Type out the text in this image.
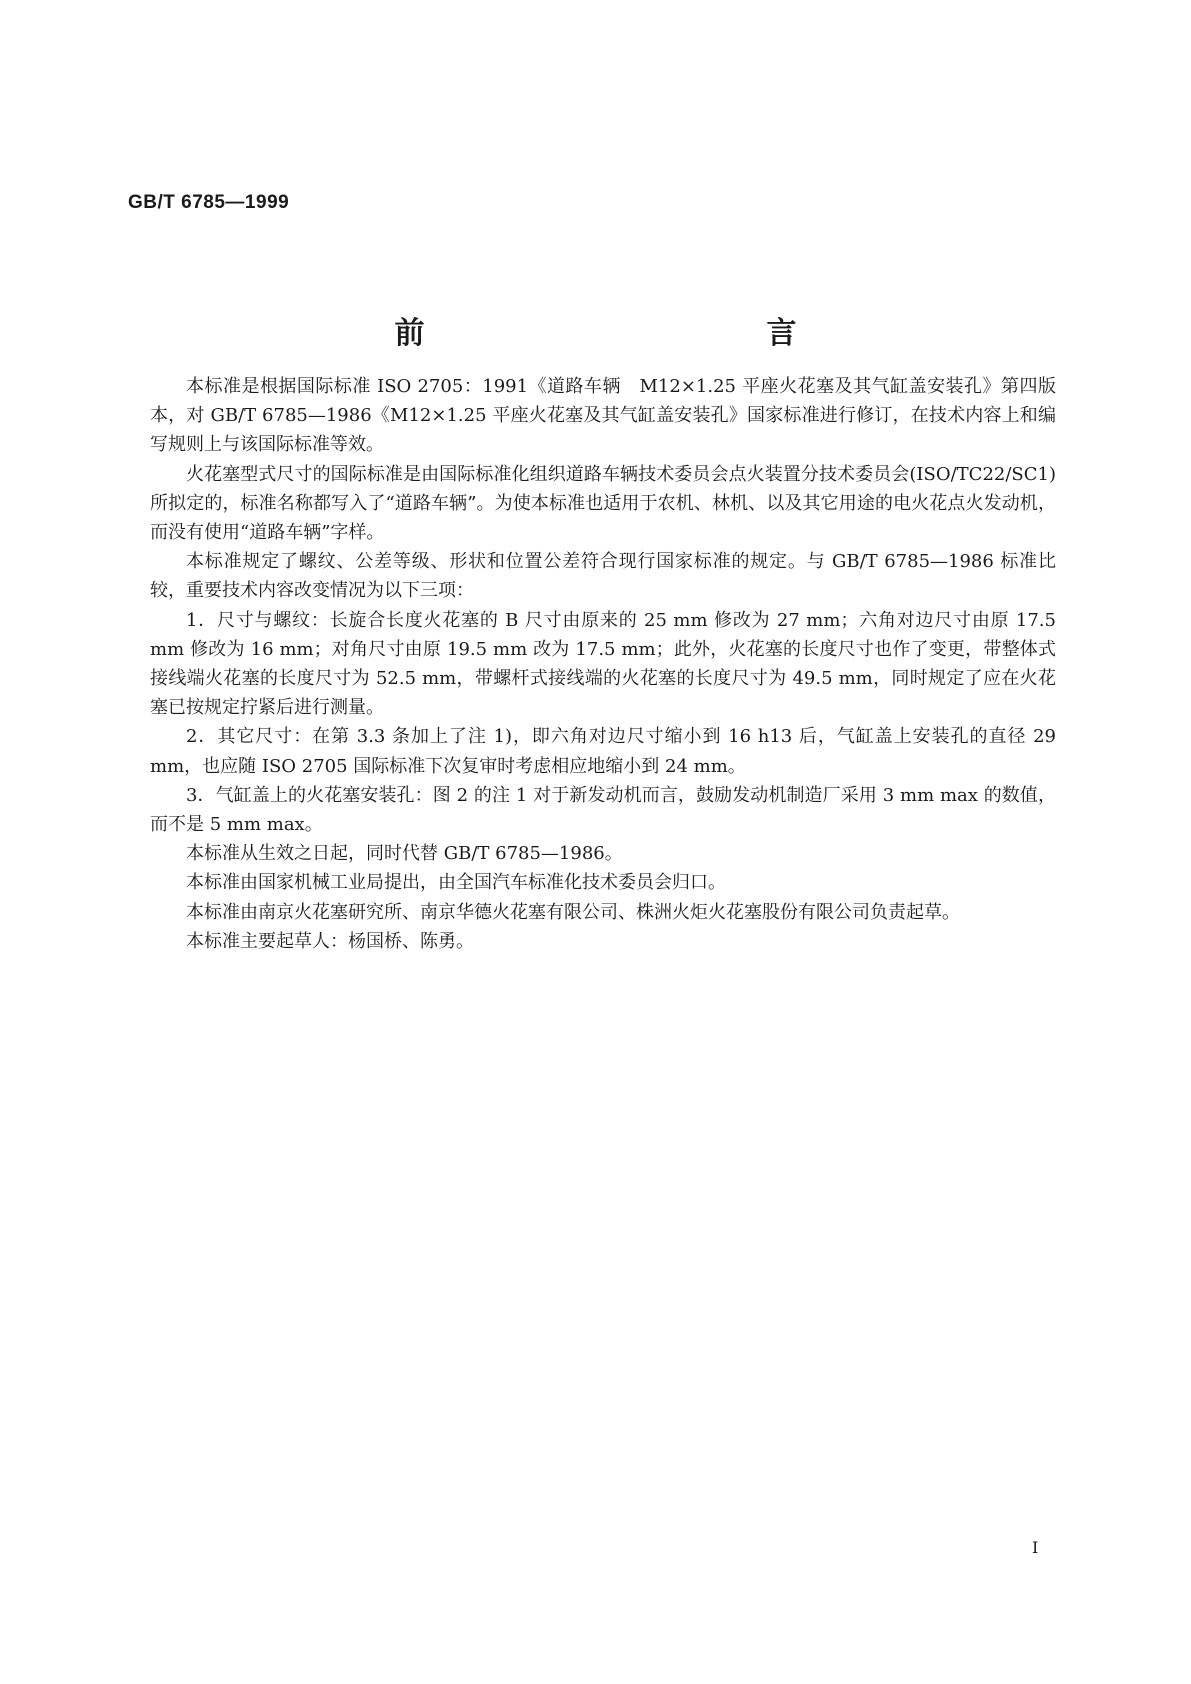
GB/T 6785—1999
前　　言

本标准是根据国际标准 ISO 2705：1991《道路车辆　M12×1.25 平座火花塞及其气缸盖安装孔》第四版本，对 GB/T 6785—1986《M12×1.25 平座火花塞及其气缸盖安装孔》国家标准进行修订，在技术内容上和编写规则上与该国际标准等效。

火花塞型式尺寸的国际标准是由国际标准化组织道路车辆技术委员会点火装置分技术委员会(ISO/TC22/SC1)所拟定的，标准名称都写入了“道路车辆”。为使本标准也适用于农机、林机、以及其它用途的电火花点火发动机，而没有使用“道路车辆”字样。

本标准规定了螺纹、公差等级、形状和位置公差符合现行国家标准的规定。与 GB/T 6785—1986 标准比较，重要技术内容改变情况为以下三项：

1．尺寸与螺纹：长旋合长度火花塞的 B 尺寸由原来的 25 mm 修改为 27 mm；六角对边尺寸由原 17.5 mm 修改为 16 mm；对角尺寸由原 19.5 mm 改为 17.5 mm；此外，火花塞的长度尺寸也作了变更，带整体式接线端火花塞的长度尺寸为 52.5 mm，带螺杆式接线端的火花塞的长度尺寸为 49.5 mm，同时规定了应在火花塞已按规定拧紧后进行测量。

2．其它尺寸：在第 3.3 条加上了注 1)，即六角对边尺寸缩小到 16 h13 后，气缸盖上安装孔的直径 29 mm，也应随 ISO 2705 国际标准下次复审时考虑相应地缩小到 24 mm。

3．气缸盖上的火花塞安装孔：图 2 的注 1 对于新发动机而言，鼓励发动机制造厂采用 3 mm max 的数值，而不是 5 mm max。

本标准从生效之日起，同时代替 GB/T 6785—1986。

本标准由国家机械工业局提出，由全国汽车标准化技术委员会归口。

本标准由南京火花塞研究所、南京华德火花塞有限公司、株洲火炬火花塞股份有限公司负责起草。

本标准主要起草人：杨国桥、陈勇。

I
